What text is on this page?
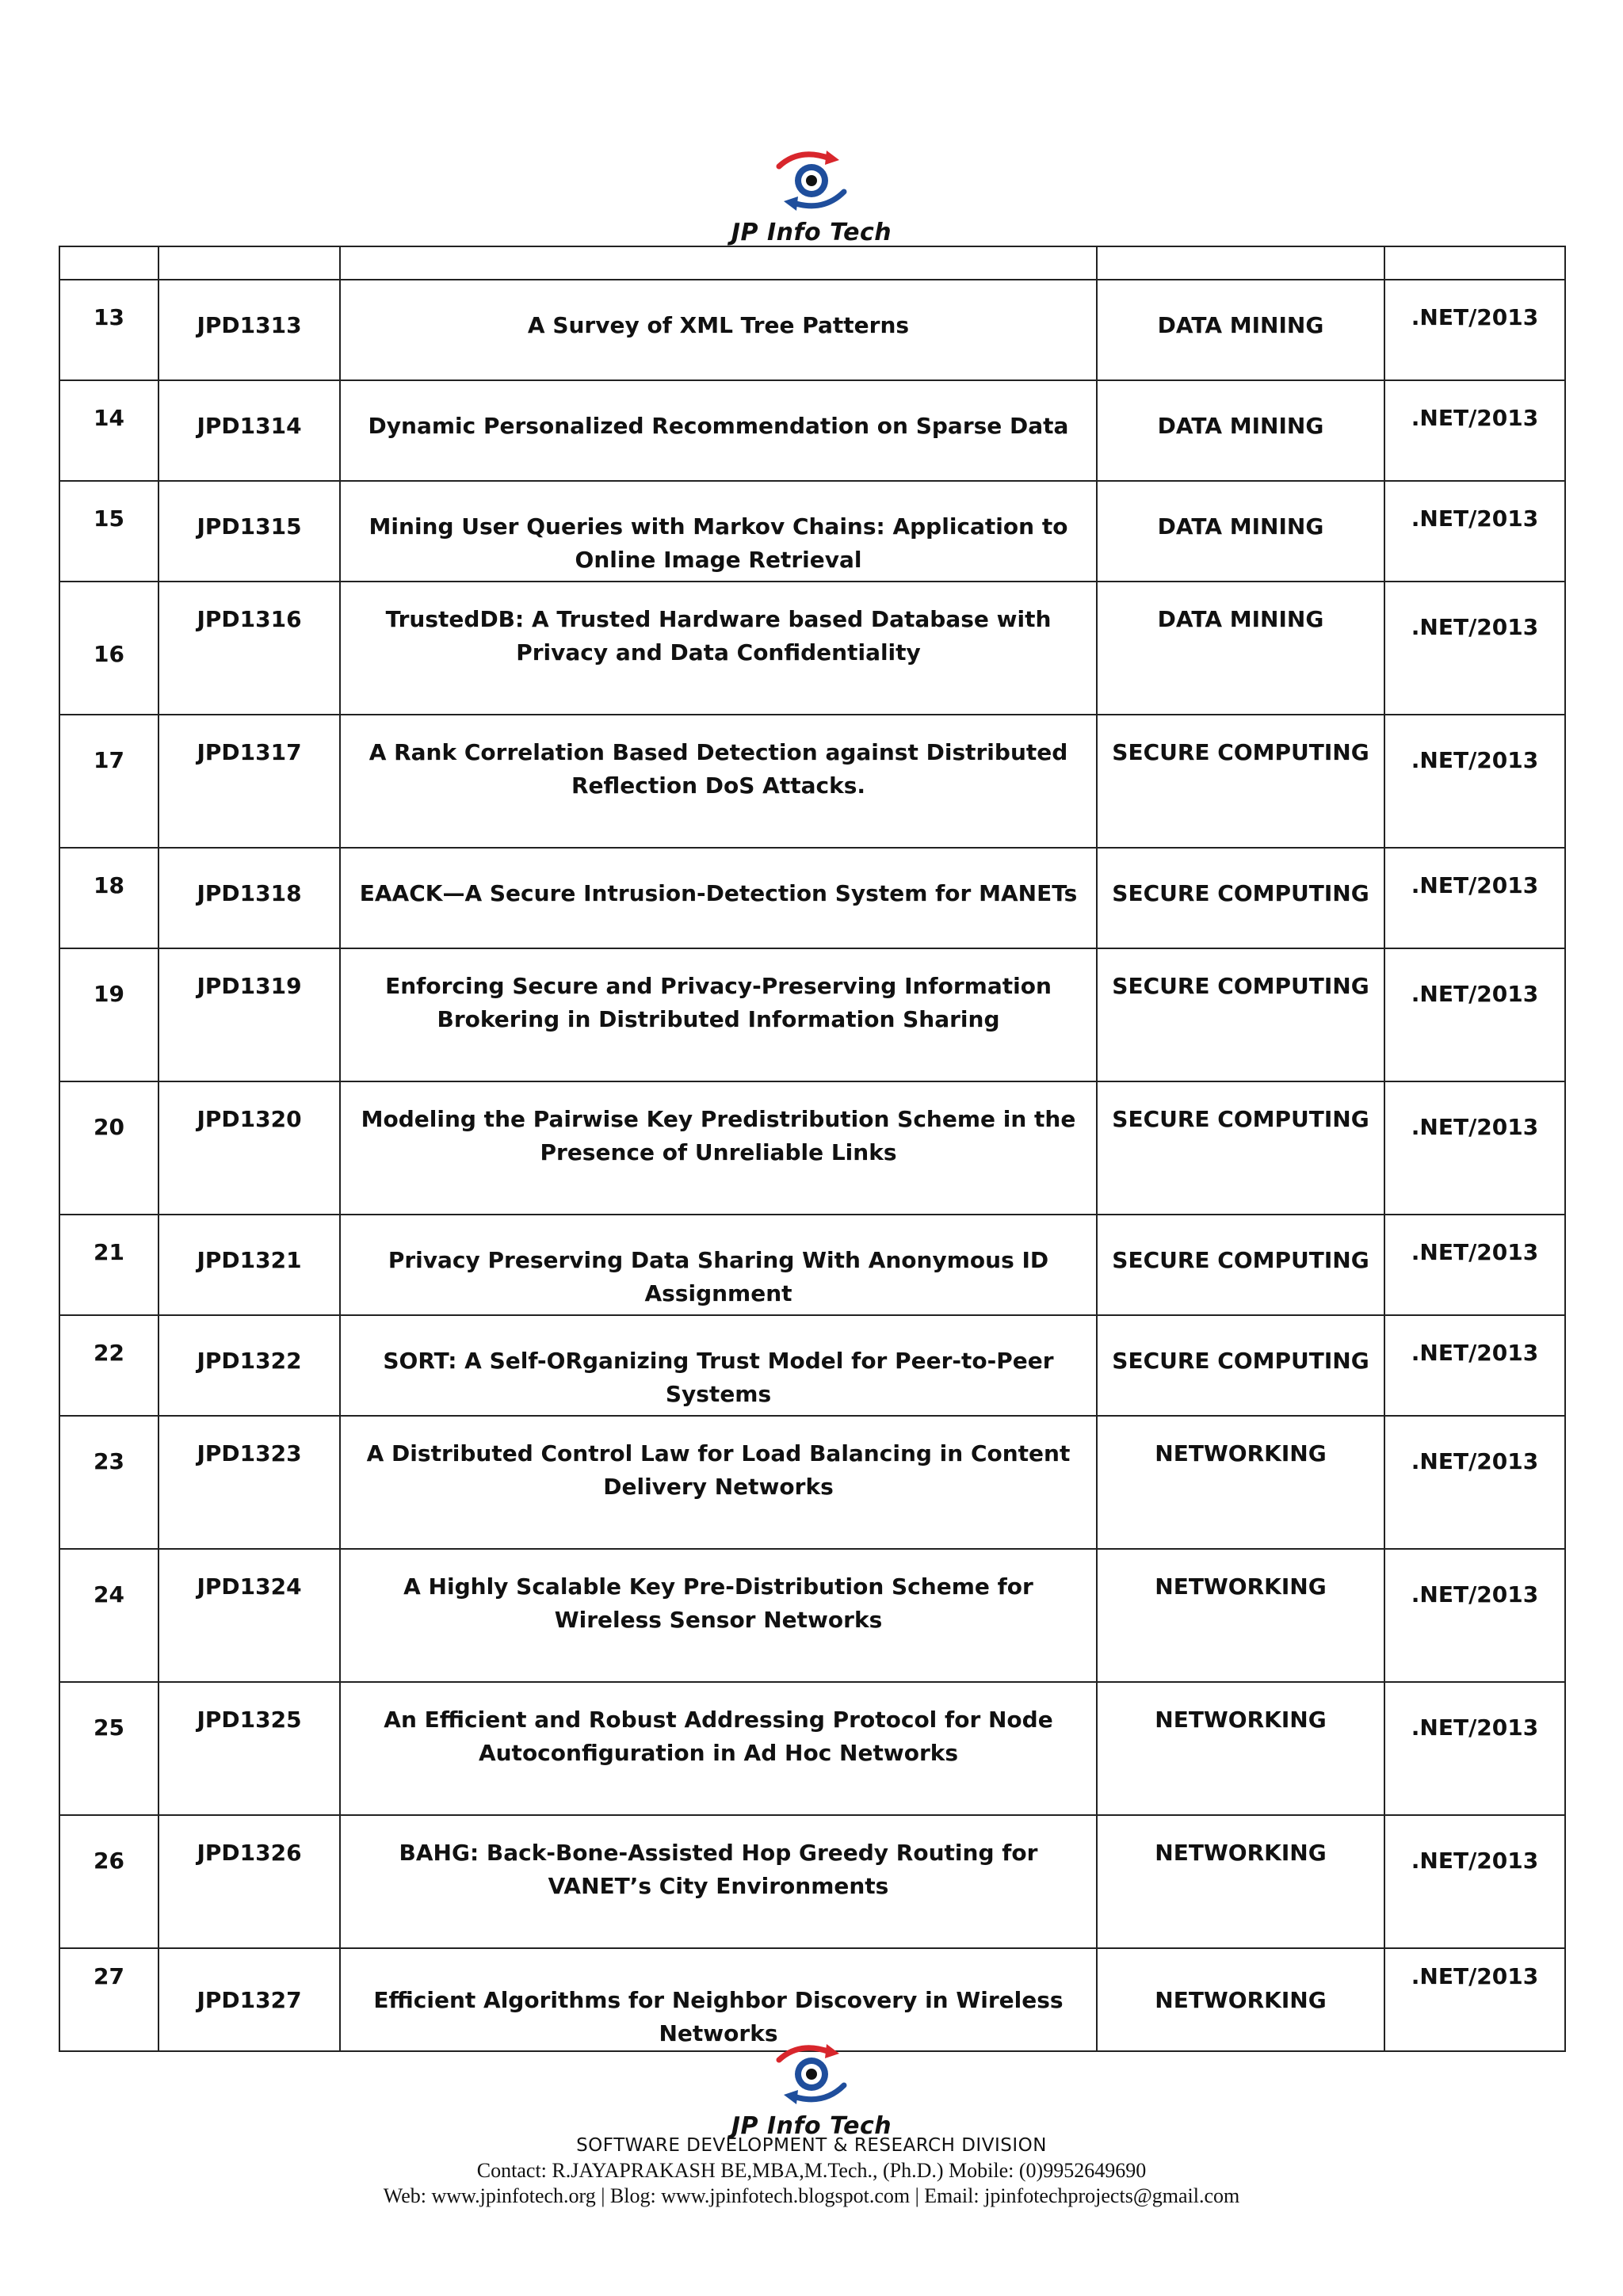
JP Info Tech

13	JPD1313	A Survey of XML Tree Patterns	DATA MINING	.NET/2013

14	JPD1314	Dynamic Personalized Recommendation on Sparse Data	DATA MINING	.NET/2013

15	JPD1315	Mining User Queries with Markov Chains: Application to Online Image Retrieval	DATA MINING	.NET/2013

16	JPD1316	TrustedDB: A Trusted Hardware based Database with Privacy and Data Confidentiality	DATA MINING	.NET/2013

17	JPD1317	A Rank Correlation Based Detection against Distributed Reflection DoS Attacks.	SECURE COMPUTING	.NET/2013

18	JPD1318	EAACK—A Secure Intrusion-Detection System for MANETs	SECURE COMPUTING	.NET/2013

19	JPD1319	Enforcing Secure and Privacy-Preserving Information Brokering in Distributed Information Sharing	SECURE COMPUTING	.NET/2013

20	JPD1320	Modeling the Pairwise Key Predistribution Scheme in the Presence of Unreliable Links	SECURE COMPUTING	.NET/2013

21	JPD1321	Privacy Preserving Data Sharing With Anonymous ID Assignment	SECURE COMPUTING	.NET/2013

22	JPD1322	SORT: A Self-ORganizing Trust Model for Peer-to-Peer Systems	SECURE COMPUTING	.NET/2013

23	JPD1323	A Distributed Control Law for Load Balancing in Content Delivery Networks	NETWORKING	.NET/2013

24	JPD1324	A Highly Scalable Key Pre-Distribution Scheme for Wireless Sensor Networks	NETWORKING	.NET/2013

25	JPD1325	An Efficient and Robust Addressing Protocol for Node Autoconfiguration in Ad Hoc Networks	NETWORKING	.NET/2013

26	JPD1326	BAHG: Back-Bone-Assisted Hop Greedy Routing for VANET’s City Environments	NETWORKING	.NET/2013

27	JPD1327	Efficient Algorithms for Neighbor Discovery in Wireless Networks	NETWORKING	.NET/2013
JP Info Tech
SOFTWARE DEVELOPMENT & RESEARCH DIVISION
Contact: R.JAYAPRAKASH BE,MBA,M.Tech., (Ph.D.) Mobile: (0)9952649690
Web: www.jpinfotech.org | Blog: www.jpinfotech.blogspot.com | Email: jpinfotechprojects@gmail.com
